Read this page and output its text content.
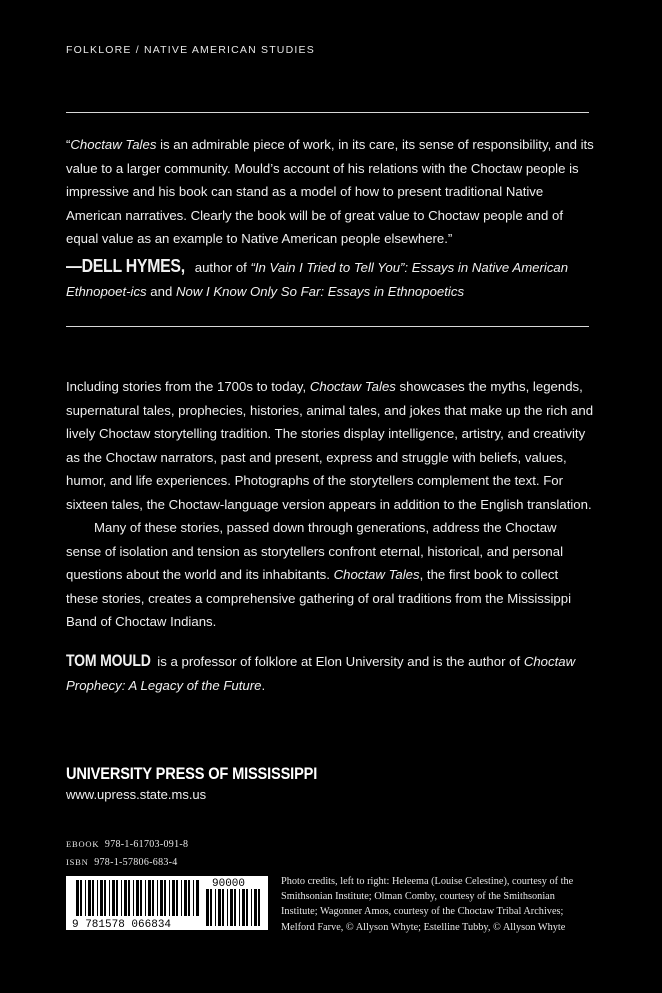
FOLKLORE / NATIVE AMERICAN STUDIES
“Choctaw Tales is an admirable piece of work, in its care, its sense of responsibility, and its value to a larger community. Mould’s account of his relations with the Choctaw people is impressive and his book can stand as a model of how to present traditional Native American narratives. Clearly the book will be of great value to Choctaw people and of equal value as an example to Native American people elsewhere.”
—DELL HYMES, author of “In Vain I Tried to Tell You”: Essays in Native American Ethnopoet-ics and Now I Know Only So Far: Essays in Ethnopoetics

Including stories from the 1700s to today, Choctaw Tales showcases the myths, legends, supernatural tales, prophecies, histories, animal tales, and jokes that make up the rich and lively Choctaw storytelling tradition. The stories display intelligence, artistry, and creativity as the Choctaw narrators, past and present, express and struggle with beliefs, values, humor, and life experiences. Photographs of the storytellers complement the text. For sixteen tales, the Choctaw-language version appears in addition to the English translation.

Many of these stories, passed down through generations, address the Choctaw sense of isolation and tension as storytellers confront eternal, historical, and personal questions about the world and its inhabitants. Choctaw Tales, the first book to collect these stories, creates a comprehensive gathering of oral traditions from the Mississippi Band of Choctaw Indians.

TOM MOULD is a professor of folklore at Elon University and is the author of Choctaw Prophecy: A Legacy of the Future.
UNIVERSITY PRESS OF MISSISSIPPI
www.upress.state.ms.us
EBOOK 978-1-61703-091-8
ISBN 978-1-57806-683-4
9 781578 066834
90000	Photo credits, left to right: Heleema (Louise Celestine), courtesy of the Smithsonian Institute; Olman Comby, courtesy of the Smithsonian Institute; Wagonner Amos, courtesy of the Choctaw Tribal Archives; Melford Farve, © Allyson Whyte; Estelline Tubby, © Allyson Whyte
